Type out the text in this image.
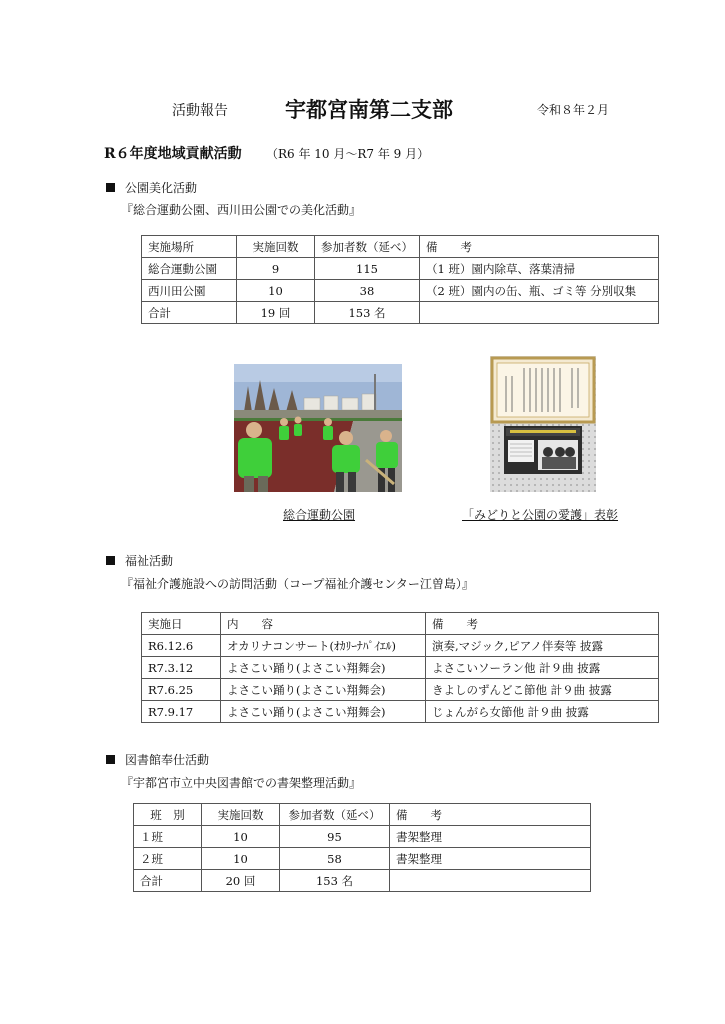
活動報告	宇都宮南第二支部	令和８年２月
R６年度地域貢献活動 （R6 年 10 月～R7 年 9 月）
公園美化活動
『総合運動公園、西川田公園での美化活動』
実施場所	実施回数	参加者数（延べ）	備　　考
総合運動公園	9	115	（1 班）園内除草、落葉清掃
西川田公園	10	38	（2 班）園内の缶、瓶、ゴミ等 分別収集
合計	19 回	153 名	
総合運動公園	「みどりと公園の愛護」表彰
福祉活動
『福祉介護施設への訪問活動（コープ福祉介護センター江曽島）』
実施日	内　　容	備　　考
R6.12.6	オカリナコンサート(ｵｶﾘｰﾅﾊﾟｲｴﾙ)	演奏,マジック,ピアノ伴奏等 披露
R7.3.12	よさこい踊り(よさこい翔舞会)	よさこいソーラン他 計９曲 披露
R7.6.25	よさこい踊り(よさこい翔舞会)	きよしのずんどこ節他 計９曲 披露
R7.9.17	よさこい踊り(よさこい翔舞会)	じょんがら女節他 計９曲 披露
図書館奉仕活動
『宇都宮市立中央図書館での書架整理活動』
班　別	実施回数	参加者数（延べ）	備　　考
１班	10	95	書架整理
２班	10	58	書架整理
合計	20 回	153 名	
